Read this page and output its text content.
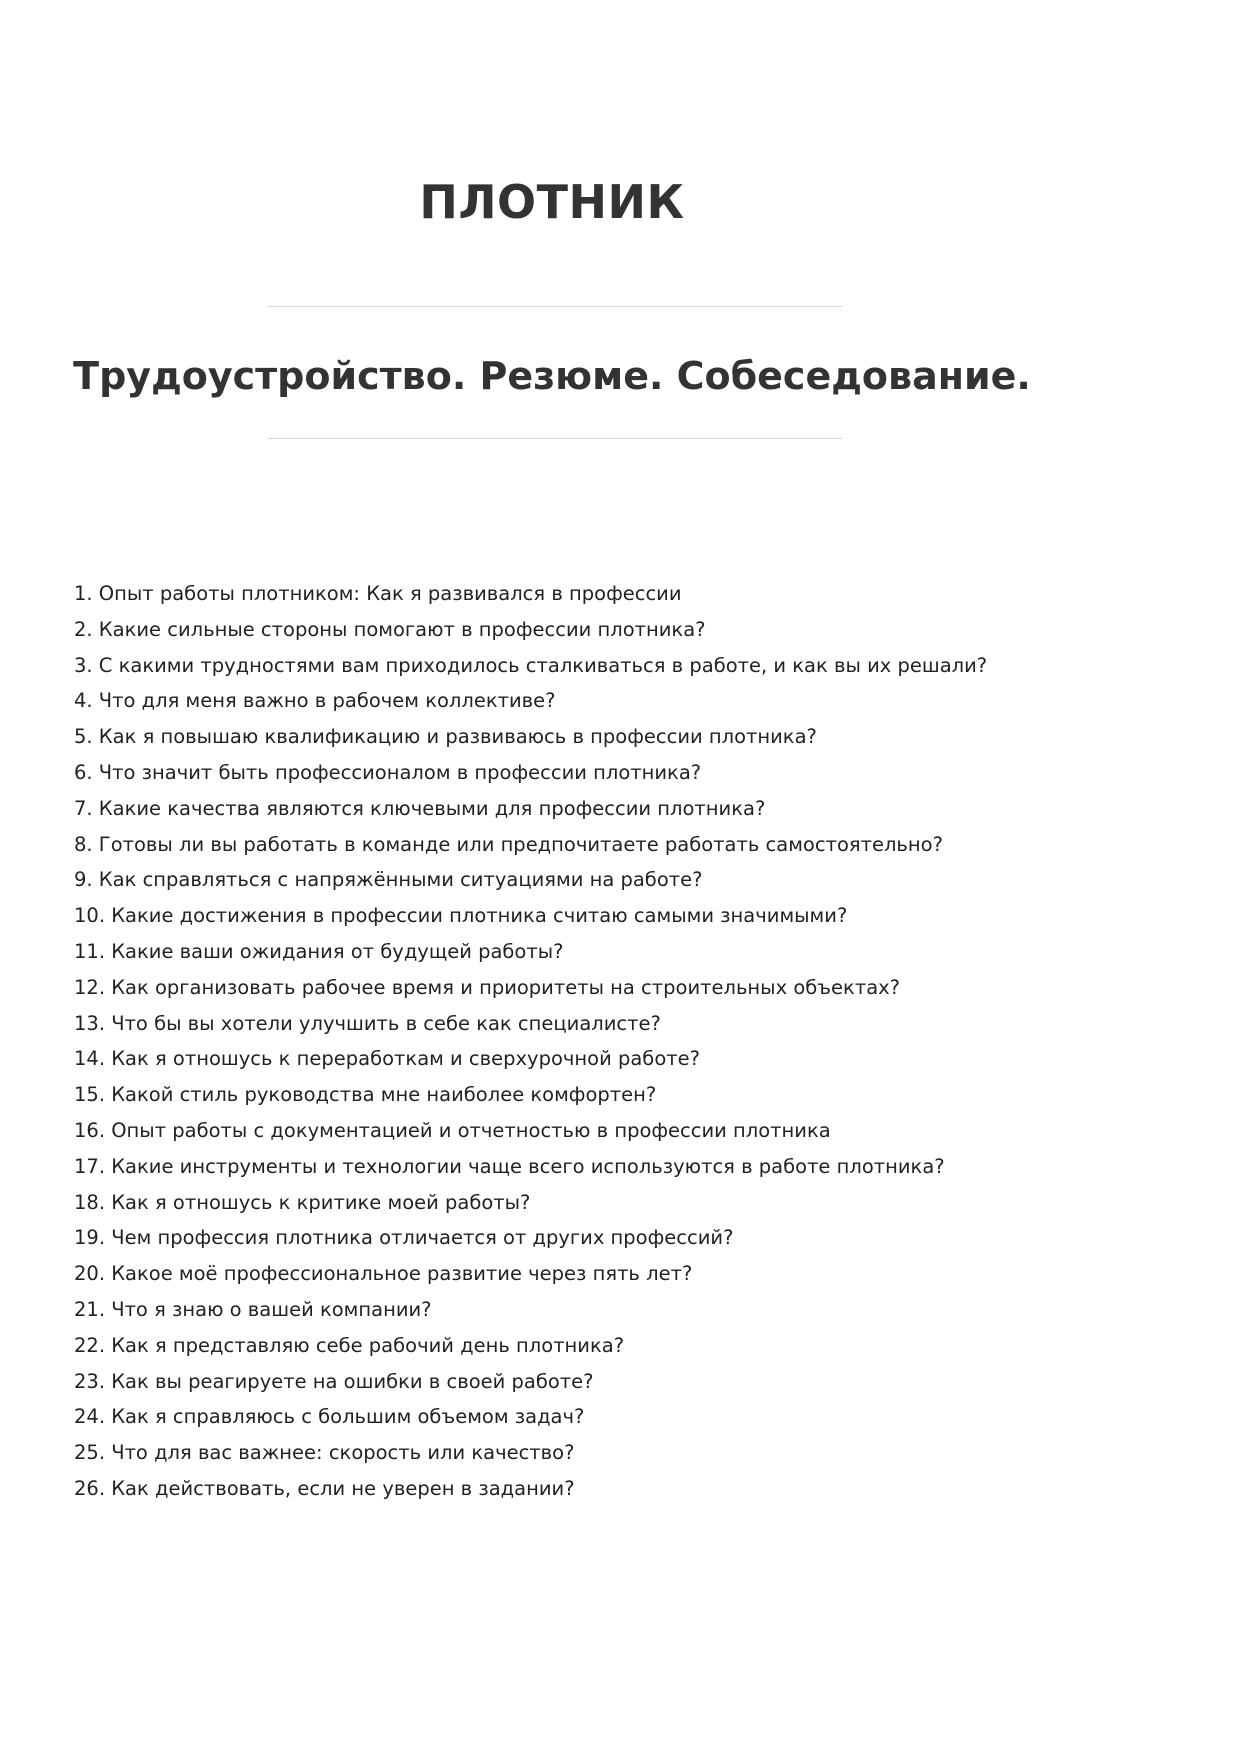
ПЛОТНИК
Трудоустройство. Резюме. Собеседование.
1. Опыт работы плотником: Как я развивался в профессии
2. Какие сильные стороны помогают в профессии плотника?
3. С какими трудностями вам приходилось сталкиваться в работе, и как вы их решали?
4. Что для меня важно в рабочем коллективе?
5. Как я повышаю квалификацию и развиваюсь в профессии плотника?
6. Что значит быть профессионалом в профессии плотника?
7. Какие качества являются ключевыми для профессии плотника?
8. Готовы ли вы работать в команде или предпочитаете работать самостоятельно?
9. Как справляться с напряжёнными ситуациями на работе?
10. Какие достижения в профессии плотника считаю самыми значимыми?
11. Какие ваши ожидания от будущей работы?
12. Как организовать рабочее время и приоритеты на строительных объектах?
13. Что бы вы хотели улучшить в себе как специалисте?
14. Как я отношусь к переработкам и сверхурочной работе?
15. Какой стиль руководства мне наиболее комфортен?
16. Опыт работы с документацией и отчетностью в профессии плотника
17. Какие инструменты и технологии чаще всего используются в работе плотника?
18. Как я отношусь к критике моей работы?
19. Чем профессия плотника отличается от других профессий?
20. Какое моё профессиональное развитие через пять лет?
21. Что я знаю о вашей компании?
22. Как я представляю себе рабочий день плотника?
23. Как вы реагируете на ошибки в своей работе?
24. Как я справляюсь с большим объемом задач?
25. Что для вас важнее: скорость или качество?
26. Как действовать, если не уверен в задании?
